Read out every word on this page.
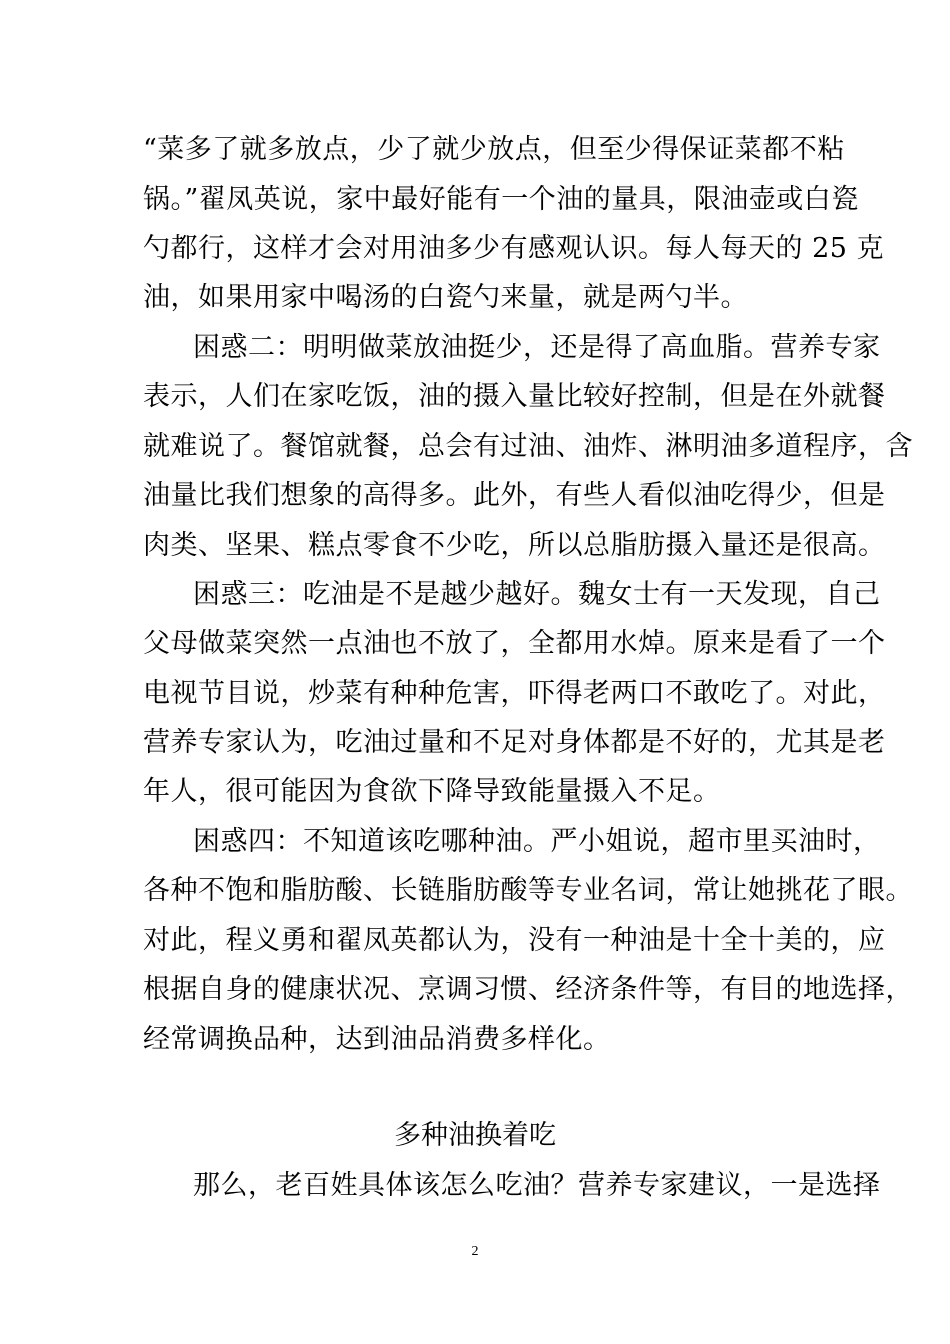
“菜多了就多放点，少了就少放点，但至少得保证菜都不粘
锅。”翟凤英说，家中最好能有一个油的量具，限油壶或白瓷
勺都行，这样才会对用油多少有感观认识。每人每天的 25 克
油，如果用家中喝汤的白瓷勺来量，就是两勺半。
困惑二：明明做菜放油挺少，还是得了高血脂。营养专家
表示，人们在家吃饭，油的摄入量比较好控制，但是在外就餐
就难说了。餐馆就餐，总会有过油、油炸、淋明油多道程序，含
油量比我们想象的高得多。此外，有些人看似油吃得少，但是
肉类、坚果、糕点零食不少吃，所以总脂肪摄入量还是很高。
困惑三：吃油是不是越少越好。魏女士有一天发现，自己
父母做菜突然一点油也不放了，全都用水焯。原来是看了一个
电视节目说，炒菜有种种危害，吓得老两口不敢吃了。对此，
营养专家认为，吃油过量和不足对身体都是不好的，尤其是老
年人，很可能因为食欲下降导致能量摄入不足。
困惑四：不知道该吃哪种油。严小姐说，超市里买油时，
各种不饱和脂肪酸、长链脂肪酸等专业名词，常让她挑花了眼。
对此，程义勇和翟凤英都认为，没有一种油是十全十美的，应
根据自身的健康状况、烹调习惯、经济条件等，有目的地选择，
经常调换品种，达到油品消费多样化。
多种油换着吃
那么，老百姓具体该怎么吃油？营养专家建议，一是选择
2
